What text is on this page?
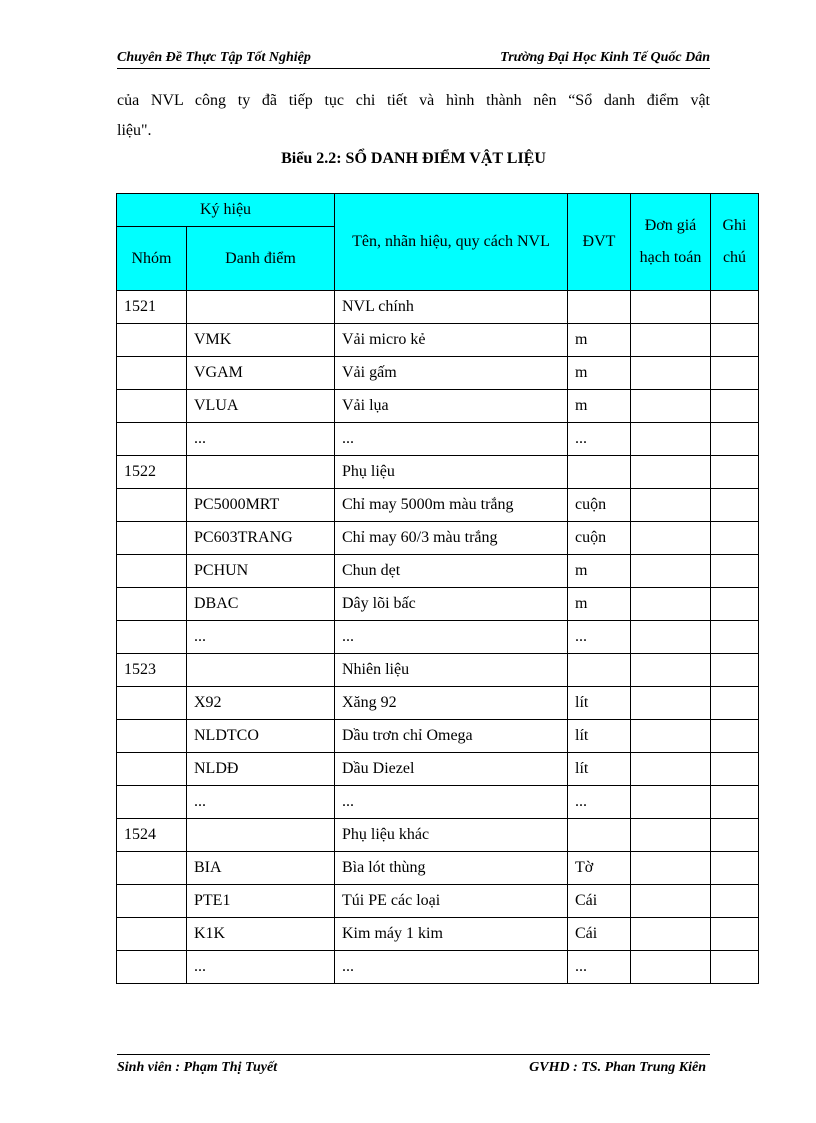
Chuyên Đề Thực Tập Tốt Nghiệp	Trường Đại Học Kinh Tế Quốc Dân
của NVL công ty đã tiếp tục chi tiết và hình thành nên “Sổ danh điểm vật
liệu".
Biểu 2.2: SỔ DANH ĐIỂM VẬT LIỆU
Ký hiệu		Tên, nhãn hiệu, quy cách NVL	ĐVT	Đơn giá hạch toán	Ghi chú
Nhóm	Danh điểm				
1521		NVL chính			
	VMK	Vải micro kẻ	m		
	VGAM	Vải gấm	m		
	VLUA	Vải lụa	m		
	...	...	...		
1522		Phụ liệu			
	PC5000MRT	Chỉ may 5000m màu trắng	cuộn		
	PC603TRANG	Chỉ may 60/3 màu trắng	cuộn		
	PCHUN	Chun dẹt	m		
	DBAC	Dây lõi bấc	m		
	...	...	...		
1523		Nhiên liệu			
	X92	Xăng 92	lít		
	NLDTCO	Dầu trơn chỉ Omega	lít		
	NLDĐ	Dầu Diezel	lít		
	...	...	...		
1524		Phụ liệu khác			
	BIA	Bìa lót thùng	Tờ		
	PTE1	Túi PE các loại	Cái		
	K1K	Kim máy 1 kim	Cái		
	...	...	...		
Sinh viên : Phạm Thị Tuyết	GVHD : TS. Phan Trung Kiên
